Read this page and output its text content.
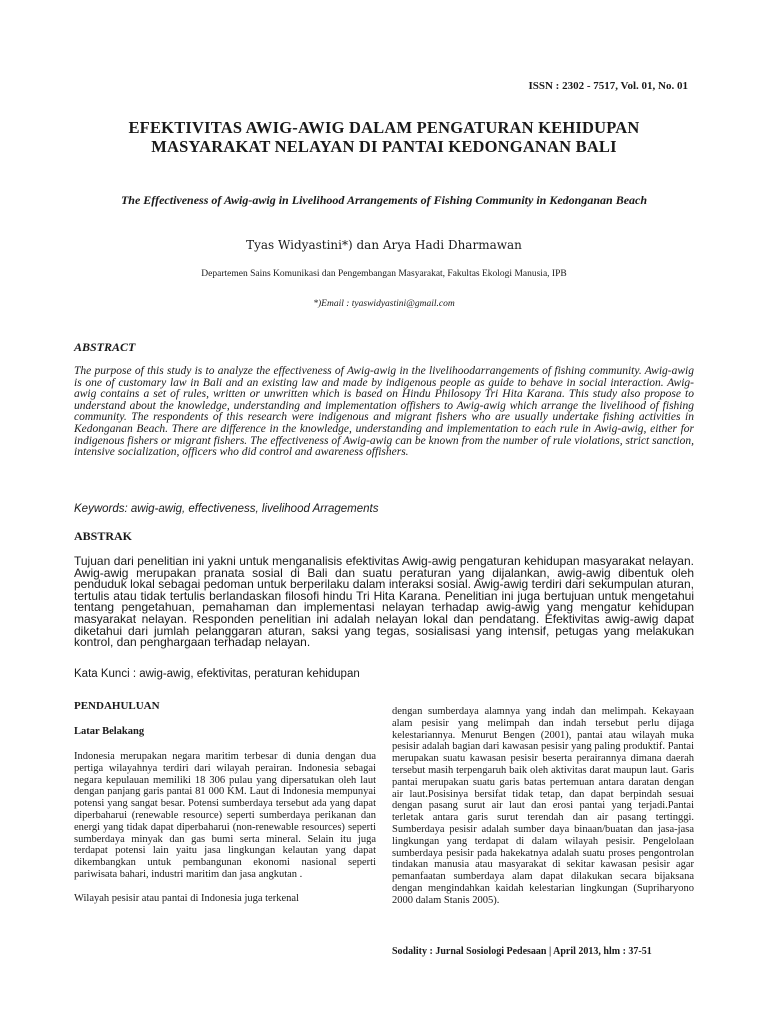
ISSN : 2302 - 7517, Vol. 01, No. 01
EFEKTIVITAS AWIG-AWIG DALAM PENGATURAN KEHIDUPAN MASYARAKAT NELAYAN DI PANTAI KEDONGANAN BALI
The Effectiveness of Awig-awig in Livelihood Arrangements of Fishing Community in Kedonganan Beach
Tyas Widyastini*) dan Arya Hadi Dharmawan
Departemen Sains Komunikasi dan Pengembangan Masyarakat, Fakultas Ekologi Manusia, IPB
*)Email : tyaswidyastini@gmail.com
ABSTRACT
The purpose of this study is to analyze the effectiveness of Awig-awig in the livelihoodarrangements of fishing community. Awig-awig is one of customary law in Bali and an existing law and made by indigenous people as guide to behave in social interaction. Awig-awig contains a set of rules, written or unwritten which is based on Hindu Philosopy Tri Hita Karana. This study also propose to understand about the knowledge, understanding and implementation offishers to Awig-awig which arrange the livelihood of fishing community. The respondents of this research were indigenous and migrant fishers who are usually undertake fishing activities in Kedonganan Beach. There are difference in the knowledge, understanding and implementation to each rule in Awig-awig, either for indigenous fishers or migrant fishers. The effectiveness of Awig-awig can be known from the number of rule violations, strict sanction, intensive socialization, officers who did control and awareness offishers.
Keywords: awig-awig, effectiveness, livelihood Arragements
ABSTRAK
Tujuan dari penelitian ini yakni untuk menganalisis efektivitas Awig-awig pengaturan kehidupan masyarakat nelayan. Awig-awig merupakan pranata sosial di Bali dan suatu peraturan yang dijalankan, awig-awig dibentuk oleh penduduk lokal sebagai pedoman untuk berperilaku dalam interaksi sosial. Awig-awig terdiri dari sekumpulan aturan, tertulis atau tidak tertulis berlandaskan filosofi hindu Tri Hita Karana. Penelitian ini juga bertujuan untuk mengetahui tentang pengetahuan, pemahaman dan implementasi nelayan terhadap awig-awig yang mengatur kehidupan masyarakat nelayan. Responden penelitian ini adalah nelayan lokal dan pendatang. Efektivitas awig-awig dapat diketahui dari jumlah pelanggaran aturan, saksi yang tegas, sosialisasi yang intensif, petugas yang melakukan kontrol, dan penghargaan terhadap nelayan.
Kata Kunci : awig-awig, efektivitas, peraturan kehidupan
PENDAHULUAN
Latar Belakang

Indonesia merupakan negara maritim terbesar di dunia dengan dua pertiga wilayahnya terdiri dari wilayah perairan. Indonesia sebagai negara kepulauan memiliki 18 306 pulau yang dipersatukan oleh laut dengan panjang garis pantai 81 000 KM. Laut di Indonesia mempunyai potensi yang sangat besar. Potensi sumberdaya tersebut ada yang dapat diperbaharui (renewable resource) seperti sumberdaya perikanan dan energi yang tidak dapat diperbaharui (non-renewable resources) seperti sumberdaya minyak dan gas bumi serta mineral. Selain itu juga terdapat potensi lain yaitu jasa lingkungan kelautan yang dapat dikembangkan untuk pembangunan ekonomi nasional seperti pariwisata bahari, industri maritim dan jasa angkutan .

Wilayah pesisir atau pantai di Indonesia juga terkenal

dengan sumberdaya alamnya yang indah dan melimpah. Kekayaan alam pesisir yang melimpah dan indah tersebut perlu dijaga kelestariannya. Menurut Bengen (2001), pantai atau wilayah muka pesisir adalah bagian dari kawasan pesisir yang paling produktif. Pantai merupakan suatu kawasan pesisir beserta perairannya dimana daerah tersebut masih terpengaruh baik oleh aktivitas darat maupun laut. Garis pantai merupakan suatu garis batas pertemuan antara daratan dengan air laut.Posisinya bersifat tidak tetap, dan dapat berpindah sesuai dengan pasang surut air laut dan erosi pantai yang terjadi.Pantai terletak antara garis surut terendah dan air pasang tertinggi. Sumberdaya pesisir adalah sumber daya binaan/buatan dan jasa-jasa lingkungan yang terdapat di dalam wilayah pesisir. Pengelolaan sumberdaya pesisir pada hakekatnya adalah suatu proses pengontrolan tindakan manusia atau masyarakat di sekitar kawasan pesisir agar pemanfaatan sumberdaya alam dapat dilakukan secara bijaksana dengan mengindahkan kaidah kelestarian lingkungan (Supriharyono 2000 dalam Stanis 2005).

Sodality : Jurnal Sosiologi Pedesaan | April 2013, hlm : 37-51
